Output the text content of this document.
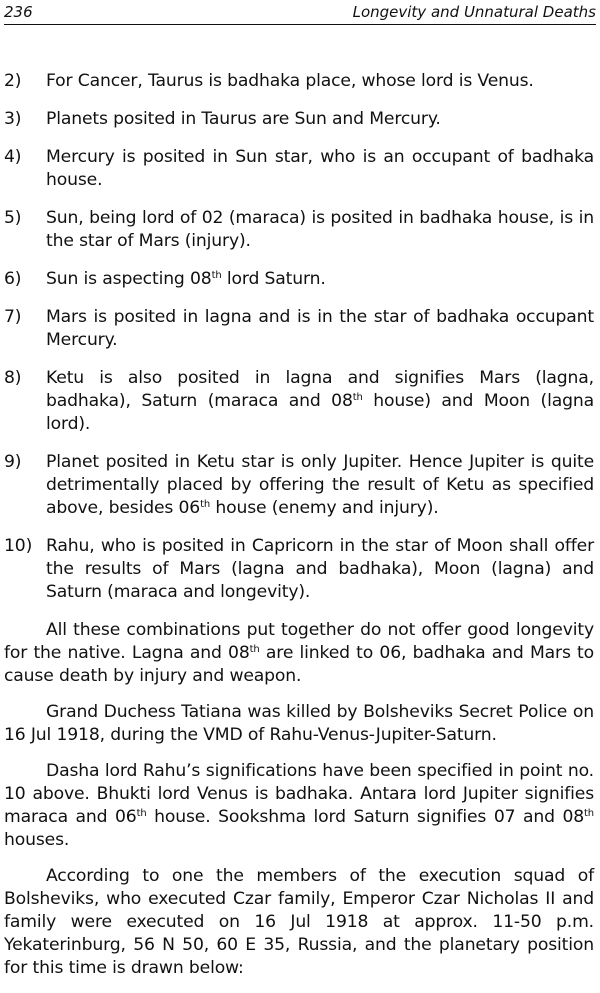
236	Longevity and Unnatural Deaths
2)	For Cancer, Taurus is badhaka place, whose lord is Venus.
3)	Planets posited in Taurus are Sun and Mercury.
4)	Mercury is posited in Sun star, who is an occupant of badhaka house.
5)	Sun, being lord of 02 (maraca) is posited in badhaka house, is in the star of Mars (injury).
6)	Sun is aspecting 08th lord Saturn.
7)	Mars is posited in lagna and is in the star of badhaka occupant Mercury.
8)	Ketu is also posited in lagna and signifies Mars (lagna, badhaka), Saturn (maraca and 08th house) and Moon (lagna lord).
9)	Planet posited in Ketu star is only Jupiter. Hence Jupiter is quite detrimentally placed by offering the result of Ketu as specified above, besides 06th house (enemy and injury).
10) Rahu, who is posited in Capricorn in the star of Moon shall offer the results of Mars (lagna and badhaka), Moon (lagna) and Saturn (maraca and longevity).

All these combinations put together do not offer good longevity for the native. Lagna and 08th are linked to 06, badhaka and Mars to cause death by injury and weapon.

Grand Duchess Tatiana was killed by Bolsheviks Secret Police on 16 Jul 1918, during the VMD of Rahu-Venus-Jupiter-Saturn.

Dasha lord Rahu’s significations have been specified in point no. 10 above. Bhukti lord Venus is badhaka. Antara lord Jupiter signifies maraca and 06th house. Sookshma lord Saturn signifies 07 and 08th houses.

According to one the members of the execution squad of Bolsheviks, who executed Czar family, Emperor Czar Nicholas II and family were executed on 16 Jul 1918 at approx. 11-50 p.m. Yekaterinburg, 56 N 50, 60 E 35, Russia, and the planetary position for this time is drawn below:
